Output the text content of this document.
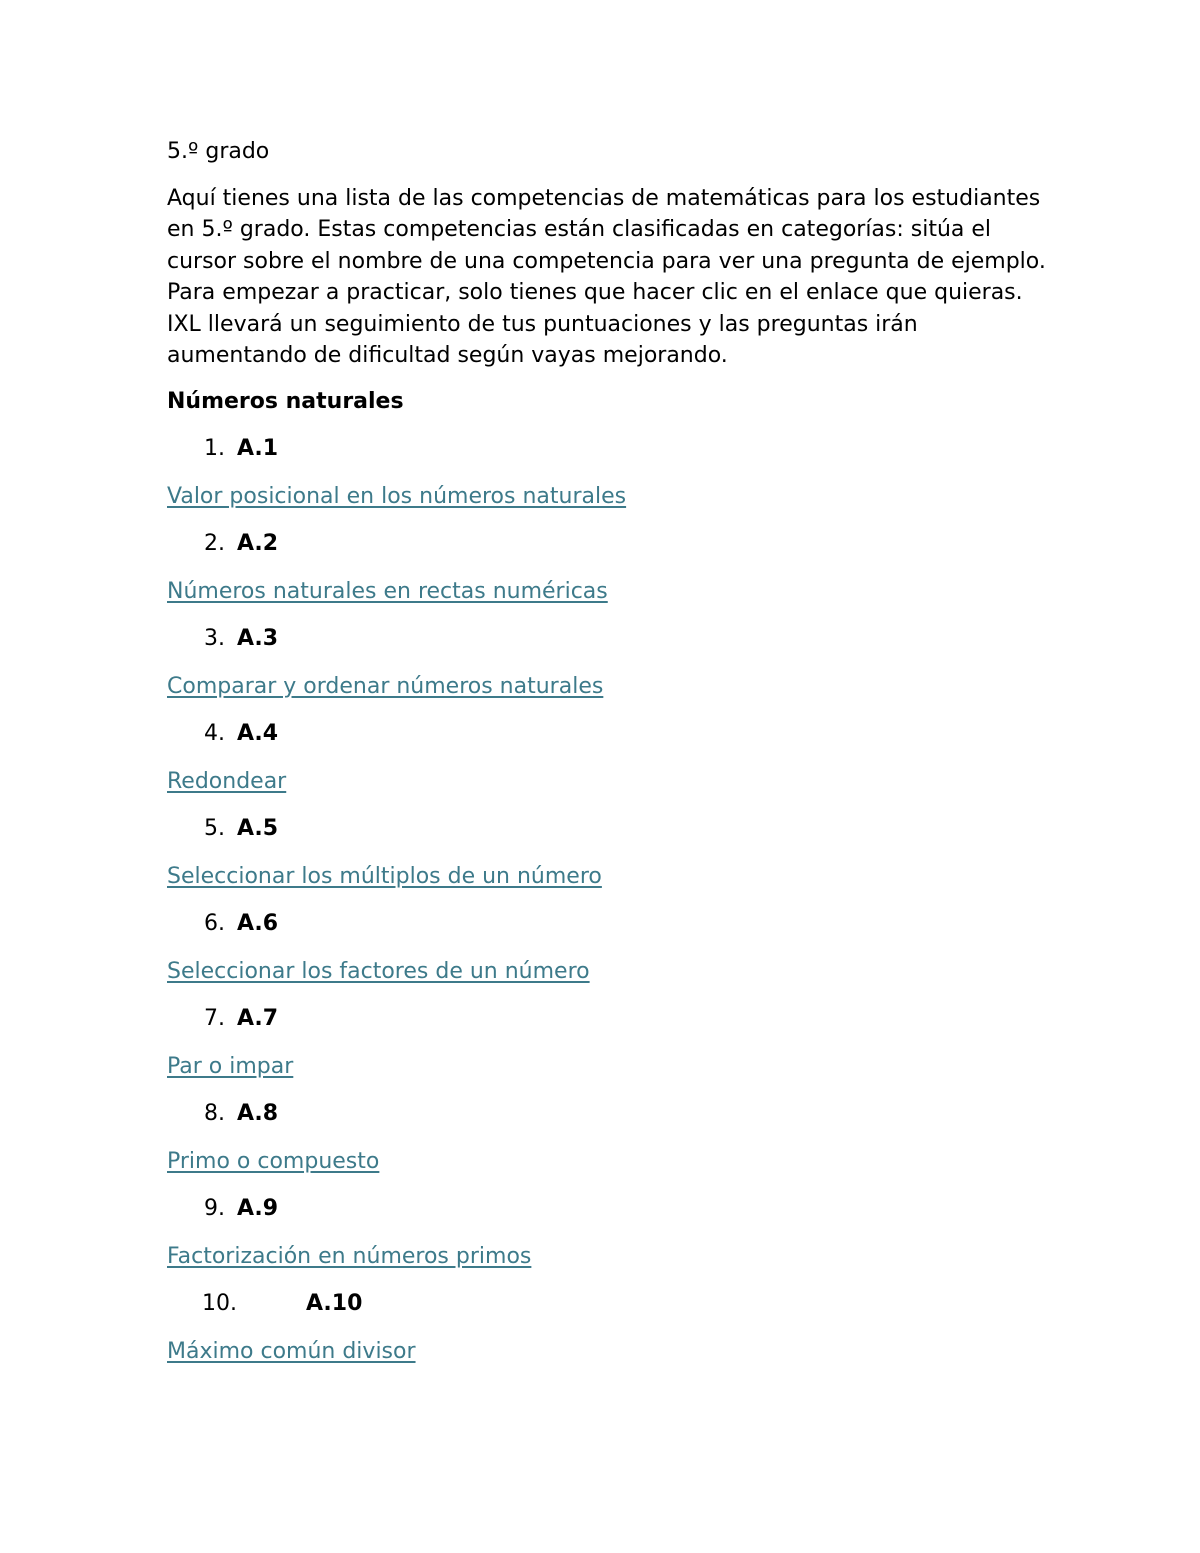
5.º grado

Aquí tienes una lista de las competencias de matemáticas para los estudiantes en 5.º grado. Estas competencias están clasificadas en categorías: sitúa el cursor sobre el nombre de una competencia para ver una pregunta de ejemplo. Para empezar a practicar, solo tienes que hacer clic en el enlace que quieras. IXL llevará un seguimiento de tus puntuaciones y las preguntas irán aumentando de dificultad según vayas mejorando.

Números naturales
1. A.1
Valor posicional en los números naturales
2. A.2
Números naturales en rectas numéricas
3. A.3
Comparar y ordenar números naturales
4. A.4
Redondear
5. A.5
Seleccionar los múltiplos de un número
6. A.6
Seleccionar los factores de un número
7. A.7
Par o impar
8. A.8
Primo o compuesto
9. A.9
Factorización en números primos
10.	A.10
Máximo común divisor
